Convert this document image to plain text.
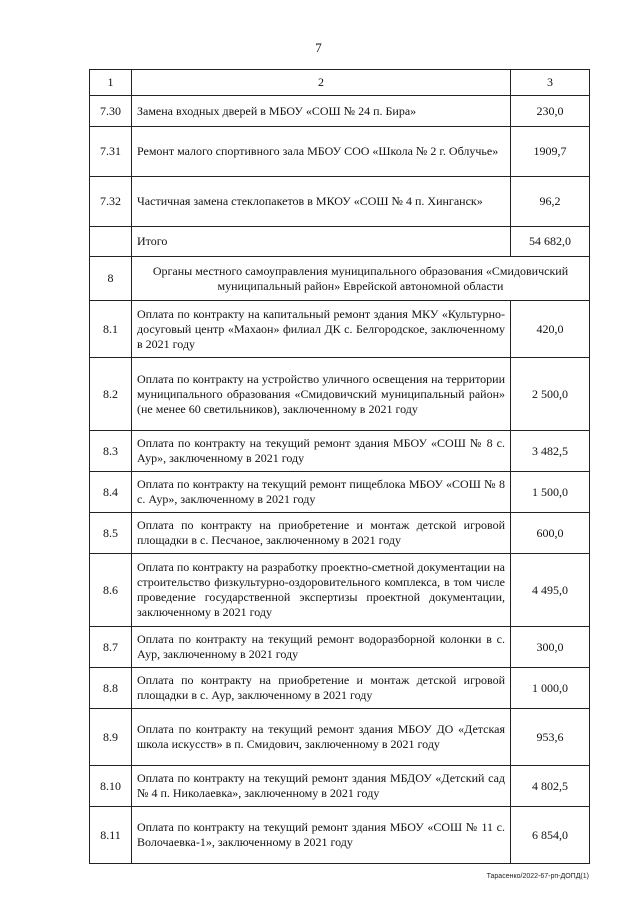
7
1	2	3
7.30	Замена входных дверей в МБОУ «СОШ № 24 п. Бира»	230,0
7.31	Ремонт малого спортивного зала МБОУ СОО «Школа № 2 г. Облучье»	1909,7
7.32	Частичная замена стеклопакетов в МКОУ «СОШ № 4 п. Хинганск»	96,2
	Итого	54 682,0
8	Органы местного самоуправления муниципального образования «Смидовичский муниципальный район» Еврейской автономной области	
8.1	Оплата по контракту на капитальный ремонт здания МКУ «Культурно-досуговый центр «Махаон» филиал ДК с. Белгородское, заключенному в 2021 году	420,0
8.2	Оплата по контракту на устройство уличного освещения на территории муниципального образования «Смидовичский муниципальный район» (не менее 60 светильников), заключенному в 2021 году	2 500,0
8.3	Оплата по контракту на текущий ремонт здания МБОУ «СОШ № 8 с. Аур», заключенному в 2021 году	3 482,5
8.4	Оплата по контракту на текущий ремонт пищеблока МБОУ «СОШ № 8 с. Аур», заключенному в 2021 году	1 500,0
8.5	Оплата по контракту на приобретение и монтаж детской игровой площадки в с. Песчаное, заключенному в 2021 году	600,0
8.6	Оплата по контракту на разработку проектно-сметной документации на строительство физкультурно-оздоровительного комплекса, в том числе проведение государственной экспертизы проектной документации, заключенному в 2021 году	4 495,0
8.7	Оплата по контракту на текущий ремонт водоразборной колонки в с. Аур, заключенному в 2021 году	300,0
8.8	Оплата по контракту на приобретение и монтаж детской игровой площадки в с. Аур, заключенному в 2021 году	1 000,0
8.9	Оплата по контракту на текущий ремонт здания МБОУ ДО «Детская школа искусств» в п. Смидович, заключенному в 2021 году	953,6
8.10	Оплата по контракту на текущий ремонт здания МБДОУ «Детский сад № 4 п. Николаевка», заключенному в 2021 году	4 802,5
8.11	Оплата по контракту на текущий ремонт здания МБОУ «СОШ № 11 с. Волочаевка-1», заключенному в 2021 году	6 854,0
Тарасенко/2022-67-рп-ДОПД(1)
